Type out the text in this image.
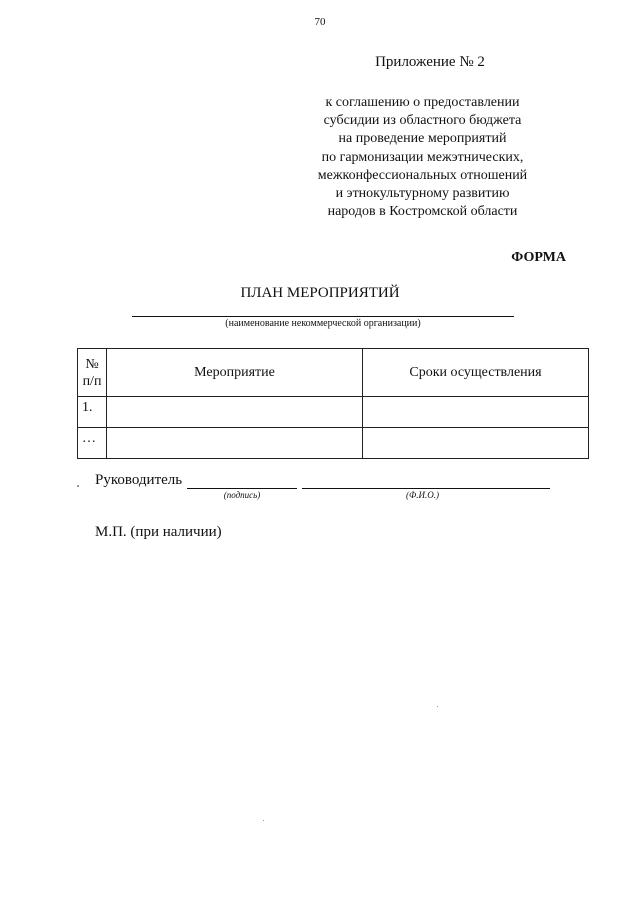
70
Приложение № 2
к соглашению о предоставлении
субсидии из областного бюджета
на проведение мероприятий
по гармонизации межэтнических,
межконфессиональных отношений
и этнокультурному развитию
народов в Костромской области
ФОРМА
ПЛАН МЕРОПРИЯТИЙ
(наименование некоммерческой организации)
№
п/п	Мероприятие	Сроки осуществления
1.		
…		
Руководитель
(подпись)	(Ф.И.О.)
М.П. (при наличии)
